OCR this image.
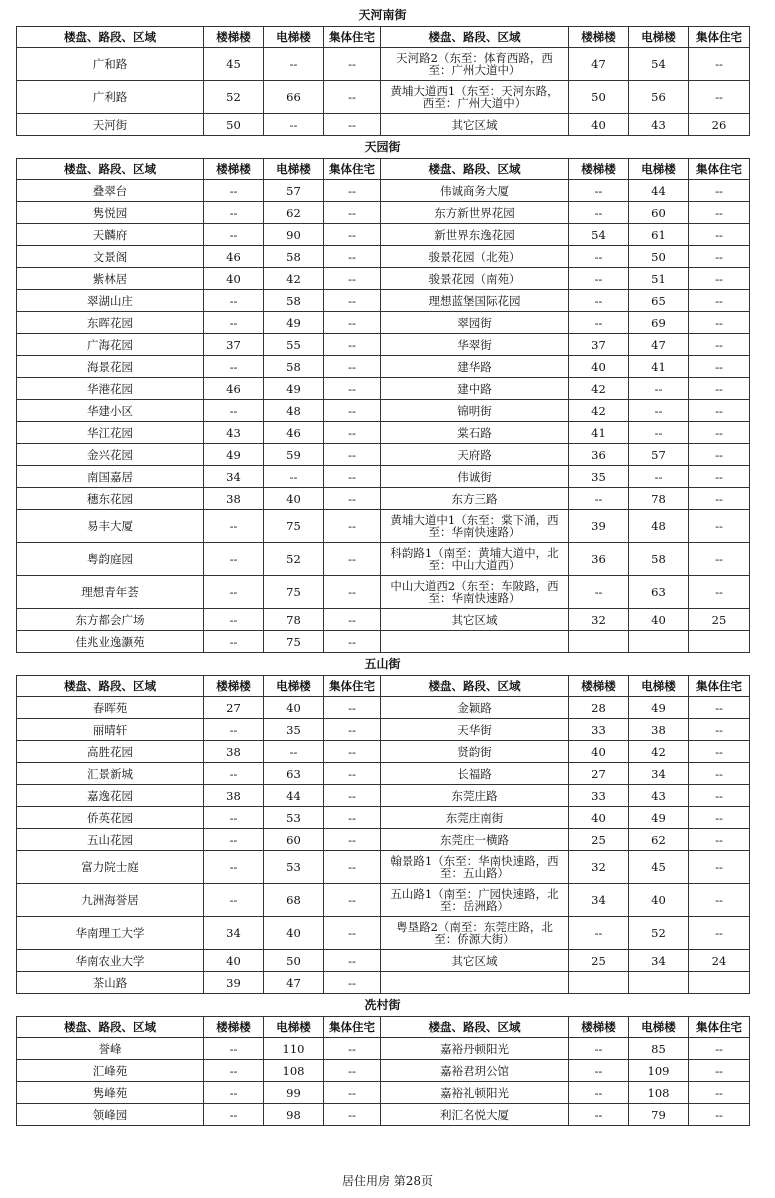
天河南街
楼盘、路段、区域	楼梯楼	电梯楼	集体住宅	楼盘、路段、区域	楼梯楼	电梯楼	集体住宅
广和路	45	--	--	天河路2（东至：体育西路，西至：广州大道中）	47	54	--
广利路	52	66	--	黄埔大道西1（东至：天河东路，西至：广州大道中）	50	56	--
天河街	50	--	--	其它区域	40	43	26
天园街
楼盘、路段、区域	楼梯楼	电梯楼	集体住宅	楼盘、路段、区域	楼梯楼	电梯楼	集体住宅
叠翠台	--	57	--	伟诚商务大厦	--	44	--
隽悦园	--	62	--	东方新世界花园	--	60	--
天麟府	--	90	--	新世界东逸花园	54	61	--
文景阁	46	58	--	骏景花园（北苑）	--	50	--
紫林居	40	42	--	骏景花园（南苑）	--	51	--
翠湖山庄	--	58	--	理想蓝堡国际花园	--	65	--
东晖花园	--	49	--	翠园街	--	69	--
广海花园	37	55	--	华翠街	37	47	--
海景花园	--	58	--	建华路	40	41	--
华港花园	46	49	--	建中路	42	--	--
华建小区	--	48	--	锦明街	42	--	--
华江花园	43	46	--	棠石路	41	--	--
金兴花园	49	59	--	天府路	36	57	--
南国嘉居	34	--	--	伟诚街	35	--	--
穗东花园	38	40	--	东方三路	--	78	--
易丰大厦	--	75	--	黄埔大道中1（东至：棠下涌，西至：华南快速路）	39	48	--
粤韵庭园	--	52	--	科韵路1（南至：黄埔大道中，北至：中山大道西）	36	58	--
理想青年荟	--	75	--	中山大道西2（东至：车陂路，西至：华南快速路）	--	63	--
东方都会广场	--	78	--	其它区域	32	40	25
佳兆业逸灏苑	--	75	--				
五山街
楼盘、路段、区域	楼梯楼	电梯楼	集体住宅	楼盘、路段、区域	楼梯楼	电梯楼	集体住宅
春晖苑	27	40	--	金颖路	28	49	--
丽晴轩	--	35	--	天华街	33	38	--
高胜花园	38	--	--	贤韵街	40	42	--
汇景新城	--	63	--	长福路	27	34	--
嘉逸花园	38	44	--	东莞庄路	33	43	--
侨英花园	--	53	--	东莞庄南街	40	49	--
五山花园	--	60	--	东莞庄一横路	25	62	--
富力院士庭	--	53	--	翰景路1（东至：华南快速路，西至：五山路）	32	45	--
九洲海誉居	--	68	--	五山路1（南至：广园快速路，北至：岳洲路）	34	40	--
华南理工大学	34	40	--	粤垦路2（南至：东莞庄路，北至：侨源大街）	--	52	--
华南农业大学	40	50	--	其它区域	25	34	24
茶山路	39	47	--				
冼村街
楼盘、路段、区域	楼梯楼	电梯楼	集体住宅	楼盘、路段、区域	楼梯楼	电梯楼	集体住宅
誉峰	--	110	--	嘉裕丹顿阳光	--	85	--
汇峰苑	--	108	--	嘉裕君玥公馆	--	109	--
隽峰苑	--	99	--	嘉裕礼顿阳光	--	108	--
领峰园	--	98	--	利汇名悦大厦	--	79	--
居住用房 第28页
